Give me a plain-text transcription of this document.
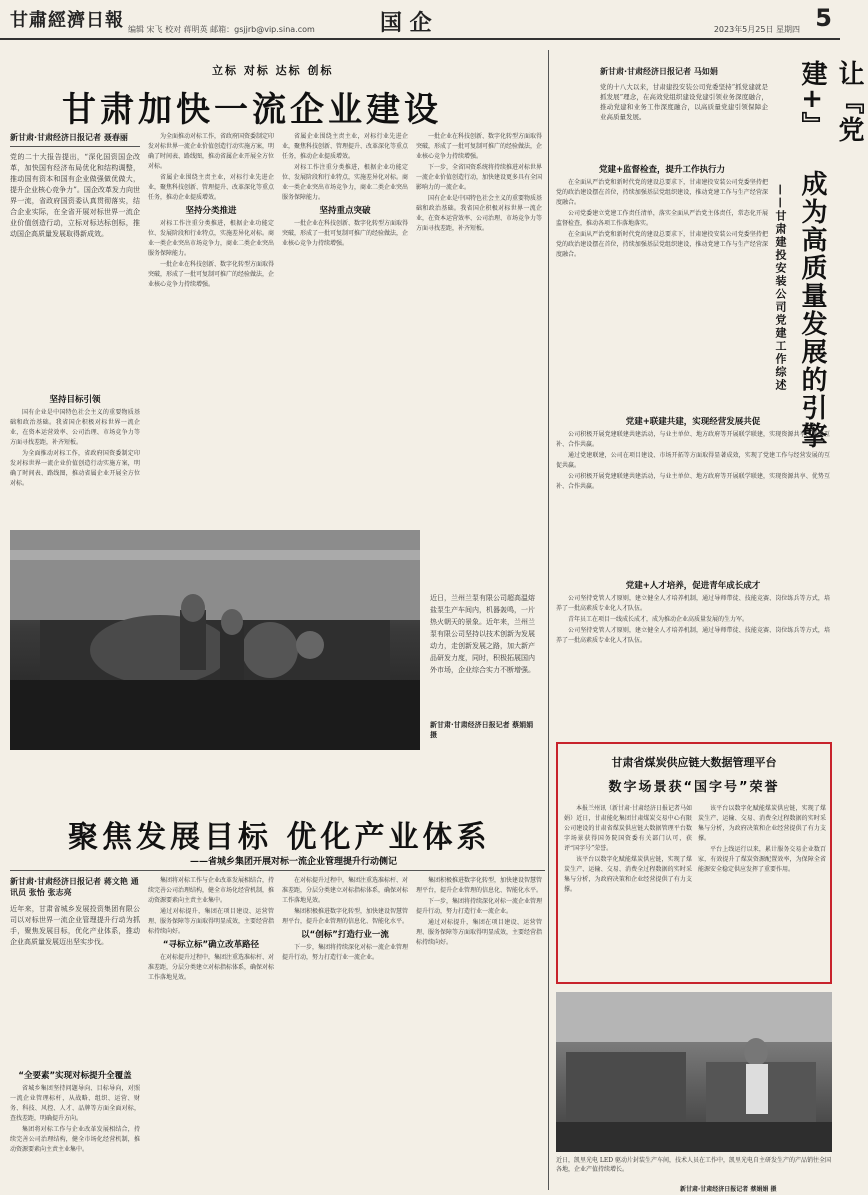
甘肅經濟日報 编辑 宋飞 校对 蒋明英 邮箱：gsjjrb@vip.sina.com	国 企	2023年5月25日 星期四 5
立标 对标 达标 创标
甘肃加快一流企业建设
新甘肃·甘肃经济日报记者 聂春丽
党的二十大报告提出，“深化国资国企改革，加快国有经济布局优化和结构调整，推动国有资本和国有企业做强做优做大，提升企业核心竞争力”。国企改革发力向世界一流，省政府国资委认真贯彻落实，结合企业实际，在全省开展对标世界一流企业价值创造行动，立标对标达标创标，推动国企高质量发展取得新成效。
坚持目标引领

国有企业是中国特色社会主义的重要物质基础和政治基础。我省国企积极对标世界一流企业，在资本运营效率、公司治理、市场竞争力等方面寻找差距，补齐短板。

为全面推动对标工作，省政府国资委制定印发对标世界一流企业价值创造行动实施方案，明确了时间表、路线图，推动省属企业开展全方位对标。

为全面推动对标工作，省政府国资委制定印发对标世界一流企业价值创造行动实施方案，明确了时间表、路线图，推动省属企业开展全方位对标。

省属企业围绕主责主业，对标行业先进企业，聚焦科技创新、管理提升、改革深化等重点任务，推动企业提质增效。

坚持分类推进

对标工作注重分类推进，根据企业功能定位、发展阶段和行业特点，实施差异化对标。商业一类企业突出市场竞争力，商业二类企业突出服务保障能力。

一批企业在科技创新、数字化转型方面取得突破，形成了一批可复制可推广的经验做法，企业核心竞争力持续增强。

省属企业围绕主责主业，对标行业先进企业，聚焦科技创新、管理提升、改革深化等重点任务，推动企业提质增效。

对标工作注重分类推进，根据企业功能定位、发展阶段和行业特点，实施差异化对标。商业一类企业突出市场竞争力，商业二类企业突出服务保障能力。

坚持重点突破

一批企业在科技创新、数字化转型方面取得突破，形成了一批可复制可推广的经验做法，企业核心竞争力持续增强。

一批企业在科技创新、数字化转型方面取得突破，形成了一批可复制可推广的经验做法，企业核心竞争力持续增强。

下一步，全省国资系统将持续推进对标世界一流企业价值创造行动，加快建设更多具有全国影响力的一流企业。

国有企业是中国特色社会主义的重要物质基础和政治基础。我省国企积极对标世界一流企业，在资本运营效率、公司治理、市场竞争力等方面寻找差距，补齐短板。

近日，兰州兰泵有限公司超高温熔盐泵生产车间内，机器轰鸣，一片热火朝天的景象。近年来，兰州兰泵有限公司坚持以技术创新为发展动力，走创新发展之路，加大新产品研发力度，同时，积极拓展国内外市场，企业综合实力不断增强。
新甘肃·甘肃经济日报记者 蔡娟娟 摄
聚焦发展目标 优化产业体系
——省城乡集团开展对标一流企业管理提升行动侧记
新甘肃·甘肃经济日报记者 蒋文艳 通讯员 张怡 张志亮
近年来，甘肃省城乡发展投资集团有限公司以对标世界一流企业管理提升行动为抓手，聚焦发展目标，优化产业体系，推动企业高质量发展迈出坚实步伐。
“全要素”实现对标提升全覆盖

省城乡集团坚持问题导向、目标导向，对照一流企业管理标杆，从战略、组织、运营、财务、科技、风控、人才、品牌等方面全面对标，查找差距，明确提升方向。

集团将对标工作与企业改革发展相结合，持续完善公司治理结构，健全市场化经营机制，推动资源要素向主责主业集中。

集团将对标工作与企业改革发展相结合，持续完善公司治理结构，健全市场化经营机制，推动资源要素向主责主业集中。

通过对标提升，集团在项目建设、运营管理、服务保障等方面取得明显成效，主要经营指标持续向好。

“寻标立标”确立改革路径

在对标提升过程中，集团注重选准标杆、对准差距，分层分类建立对标指标体系，确保对标工作落地见效。

在对标提升过程中，集团注重选准标杆、对准差距，分层分类建立对标指标体系，确保对标工作落地见效。

集团积极推进数字化转型，加快建设智慧管理平台，提升企业管理的信息化、智能化水平。

以“创标”打造行业一流

下一步，集团将持续深化对标一流企业管理提升行动，努力打造行业一流企业。

集团积极推进数字化转型，加快建设智慧管理平台，提升企业管理的信息化、智能化水平。

下一步，集团将持续深化对标一流企业管理提升行动，努力打造行业一流企业。

通过对标提升，集团在项目建设、运营管理、服务保障等方面取得明显成效，主要经营指标持续向好。

让『党建+』
成为高质量发展的引擎
——甘肃建投安装公司党建工作综述
新甘肃·甘肃经济日报记者 马如娟
党的十八大以来，甘肃建投安装公司党委坚持“抓党建就是抓发展”理念，在高效党组织建设党建引领业务深度融合，推动党建和业务工作深度融合，以高质量党建引领保障企业高质量发展。
党建+监督检查，提升工作执行力

在全面从严治党和新时代党的建设总要求下，甘肃建投安装公司党委坚持把党的政治建设摆在首位，持续加强基层党组织建设，推动党建工作与生产经营深度融合。

公司党委建立党建工作责任清单，落实全面从严治党主体责任，常态化开展监督检查，推动各项工作落地落实。

在全面从严治党和新时代党的建设总要求下，甘肃建投安装公司党委坚持把党的政治建设摆在首位，持续加强基层党组织建设，推动党建工作与生产经营深度融合。

党建+联建共建，实现经营发展共促

公司积极开展党建联建共建活动，与业主单位、地方政府等开展联学联建，实现资源共享、优势互补、合作共赢。

通过党建联建，公司在项目建设、市场开拓等方面取得显著成效，实现了党建工作与经营发展的互促共赢。

公司积极开展党建联建共建活动，与业主单位、地方政府等开展联学联建，实现资源共享、优势互补、合作共赢。

党建+人才培养，促进青年成长成才

公司坚持党管人才原则，建立健全人才培养机制，通过导师带徒、技能竞赛、岗位练兵等方式，培养了一批高素质专业化人才队伍。

青年员工在项目一线成长成才，成为推动企业高质量发展的生力军。

公司坚持党管人才原则，建立健全人才培养机制，通过导师带徒、技能竞赛、岗位练兵等方式，培养了一批高素质专业化人才队伍。

甘肃省煤炭供应链大数据管理平台
数字场景获“国字号”荣誉

本报兰州讯（新甘肃·甘肃经济日报记者马如娟）近日，甘肃能化集团甘肃煤炭交易中心有限公司建设的甘肃省煤炭供应链大数据管理平台数字场景获得国务院国资委有关部门认可，获评“国字号”荣誉。

该平台以数字化赋能煤炭供应链，实现了煤炭生产、运输、交易、消费全过程数据的实时采集与分析，为政府决策和企业经营提供了有力支撑。

该平台以数字化赋能煤炭供应链，实现了煤炭生产、运输、交易、消费全过程数据的实时采集与分析，为政府决策和企业经营提供了有力支撑。

平台上线运行以来，累计服务交易企业数百家，有效提升了煤炭资源配置效率，为保障全省能源安全稳定供应发挥了重要作用。

近日，凯里光电 LED 驱动片封装生产车间，技术人员在工作中，凯里光电自主研发生产的产品销往全国各地，企业产值持续增长。
新甘肃·甘肃经济日报记者 蔡娟娟 摄
